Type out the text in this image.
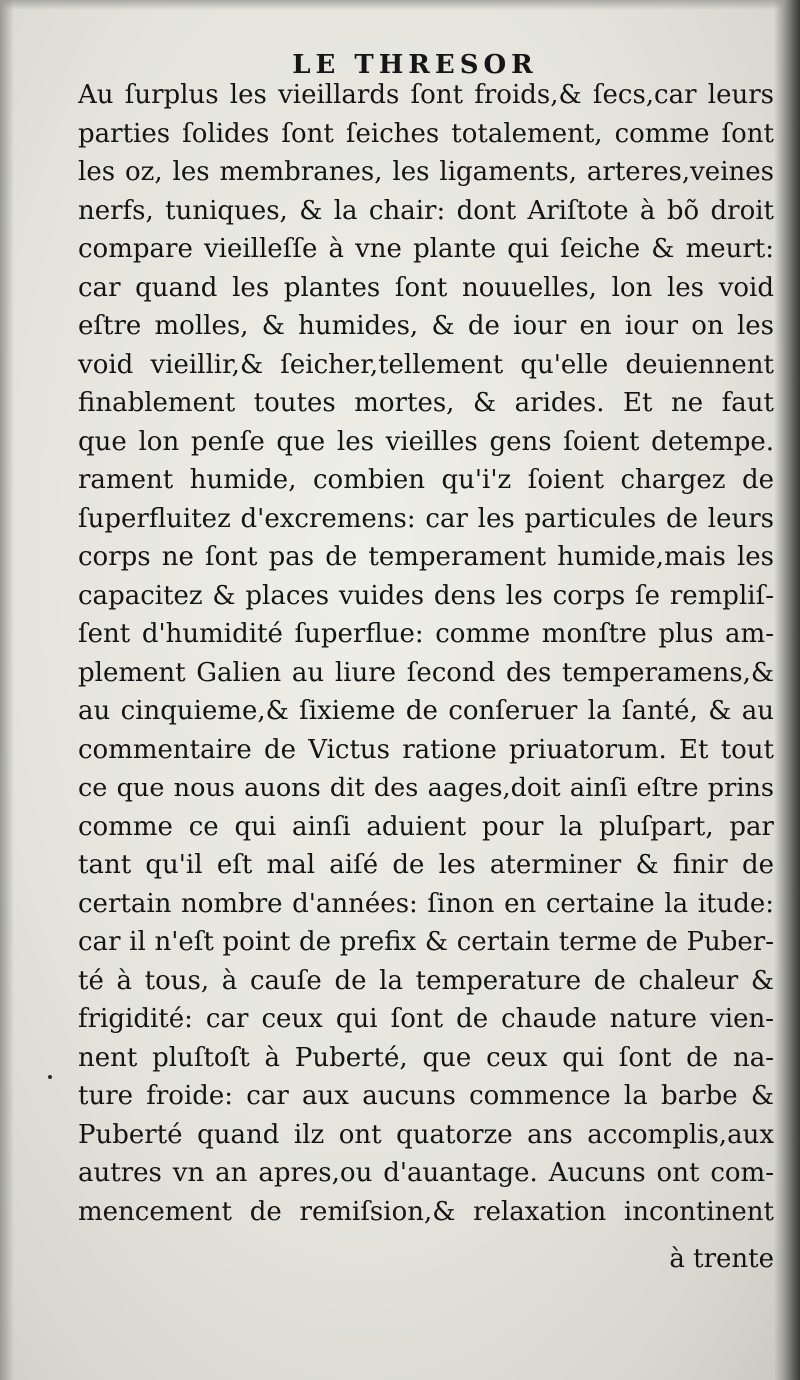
LE THRESOR
Au ſurplus les vieillards ſont froids,& ſecs,car leurs
parties ſolides ſont ſeiches totalement, comme ſont
les oz, les membranes, les ligaments, arteres,veines
nerfs, tuniques, & la chair: dont Ariſtote à bõ droit
compare vieilleſſe à vne plante qui ſeiche & meurt:
car quand les plantes ſont nouuelles, lon les void
eſtre molles, & humides, & de iour en iour on les
void vieillir,& ſeicher,tellement qu'elle deuiennent
finablement toutes mortes, & arides. Et ne faut
que lon penſe que les vieilles gens ſoient detempe.
rament humide, combien qu'i'z ſoient chargez de
ſuperfluitez d'excremens: car les particules de leurs
corps ne ſont pas de temperament humide,mais les
capacitez & places vuides dens les corps ſe rempliſ-
ſent d'humidité ſuperflue: comme monſtre plus am-
plement Galien au liure ſecond des temperamens,&
au cinquieme,& ſixieme de conſeruer la ſanté, & au
commentaire de Victus ratione priuatorum. Et tout
ce que nous auons dit des aages,doit ainſi eſtre prins
comme ce qui ainſi aduient pour la pluſpart, par
tant qu'il eſt mal aiſé de les aterminer & finir de
certain nombre d'années: ſinon en certaine la itude:
car il n'eſt point de prefix & certain terme de Puber-
té à tous, à cauſe de la temperature de chaleur &
frigidité: car ceux qui ſont de chaude nature vien-
nent pluſtoſt à Puberté, que ceux qui ſont de na-
ture froide: car aux aucuns commence la barbe &
Puberté quand ilz ont quatorze ans accomplis,aux
autres vn an apres,ou d'auantage. Aucuns ont com-
mencement de remiſsion,& relaxation incontinent
à trente
